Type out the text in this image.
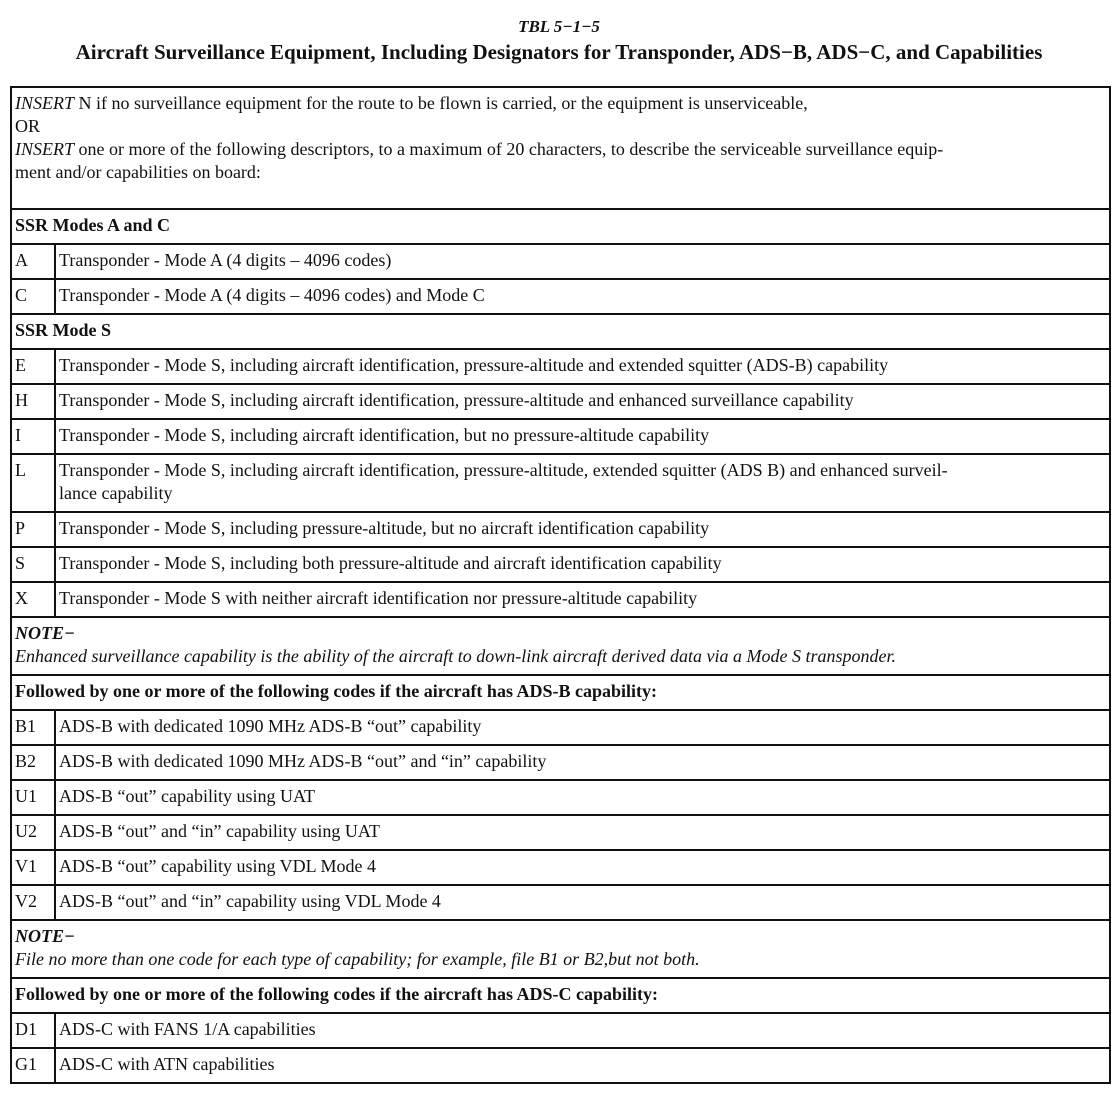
TBL 5−1−5
Aircraft Surveillance Equipment, Including Designators for Transponder, ADS−B, ADS−C, and Capabilities
INSERT N if no surveillance equipment for the route to be flown is carried, or the equipment is unserviceable,
OR
INSERT one or more of the following descriptors, to a maximum of 20 characters, to describe the serviceable surveillance equip-
ment and/or capabilities on board:	

SSR Modes A and C	
A	Transponder - Mode A (4 digits – 4096 codes)
C	Transponder - Mode A (4 digits – 4096 codes) and Mode C
SSR Mode S	
E	Transponder - Mode S, including aircraft identification, pressure-altitude and extended squitter (ADS-B) capability
H	Transponder - Mode S, including aircraft identification, pressure-altitude and enhanced surveillance capability
I	Transponder - Mode S, including aircraft identification, but no pressure-altitude capability
L	Transponder - Mode S, including aircraft identification, pressure-altitude, extended squitter (ADS B) and enhanced surveil-
lance capability

P	Transponder - Mode S, including pressure-altitude, but no aircraft identification capability
S	Transponder - Mode S, including both pressure-altitude and aircraft identification capability
X	Transponder - Mode S with neither aircraft identification nor pressure-altitude capability

NOTE−
Enhanced surveillance capability is the ability of the aircraft to down-link aircraft derived data via a Mode S transponder.	

Followed by one or more of the following codes if the aircraft has ADS-B capability:	
B1	ADS-B with dedicated 1090 MHz ADS-B “out” capability
B2	ADS-B with dedicated 1090 MHz ADS-B “out” and “in” capability
U1	ADS-B “out” capability using UAT
U2	ADS-B “out” and “in” capability using UAT
V1	ADS-B “out” capability using VDL Mode 4
V2	ADS-B “out” and “in” capability using VDL Mode 4

NOTE−
File no more than one code for each type of capability; for example, file B1 or B2,but not both.	

Followed by one or more of the following codes if the aircraft has ADS-C capability:	
D1	ADS-C with FANS 1/A capabilities
G1	ADS-C with ATN capabilities
